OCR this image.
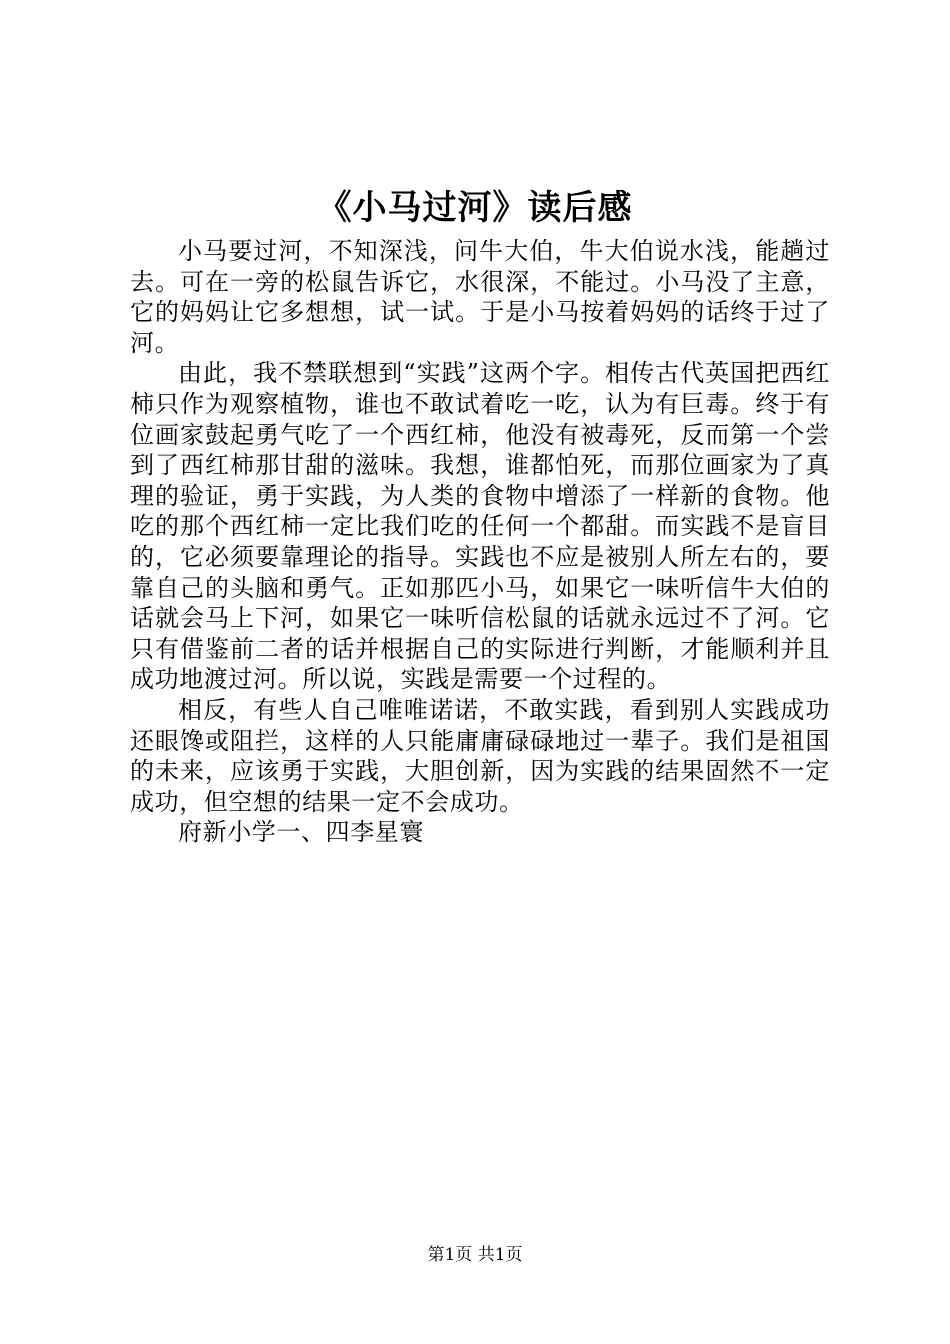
《小马过河》读后感

小马要过河，不知深浅，问牛大伯，牛大伯说水浅，能趟过去。可在一旁的松鼠告诉它，水很深，不能过。小马没了主意，它的妈妈让它多想想，试一试。于是小马按着妈妈的话终于过了河。

由此，我不禁联想到“实践”这两个字。相传古代英国把西红柿只作为观察植物，谁也不敢试着吃一吃，认为有巨毒。终于有位画家鼓起勇气吃了一个西红柿，他没有被毒死，反而第一个尝到了西红柿那甘甜的滋味。我想，谁都怕死，而那位画家为了真理的验证，勇于实践，为人类的食物中增添了一样新的食物。他吃的那个西红柿一定比我们吃的任何一个都甜。而实践不是盲目的，它必须要靠理论的指导。实践也不应是被别人所左右的，要靠自己的头脑和勇气。正如那匹小马，如果它一味听信牛大伯的话就会马上下河，如果它一味听信松鼠的话就永远过不了河。它只有借鉴前二者的话并根据自己的实际进行判断，才能顺利并且成功地渡过河。所以说，实践是需要一个过程的。

相反，有些人自己唯唯诺诺，不敢实践，看到别人实践成功还眼馋或阻拦，这样的人只能庸庸碌碌地过一辈子。我们是祖国的未来，应该勇于实践，大胆创新，因为实践的结果固然不一定成功，但空想的结果一定不会成功。

府新小学一、四李星寰

第1页 共1页
